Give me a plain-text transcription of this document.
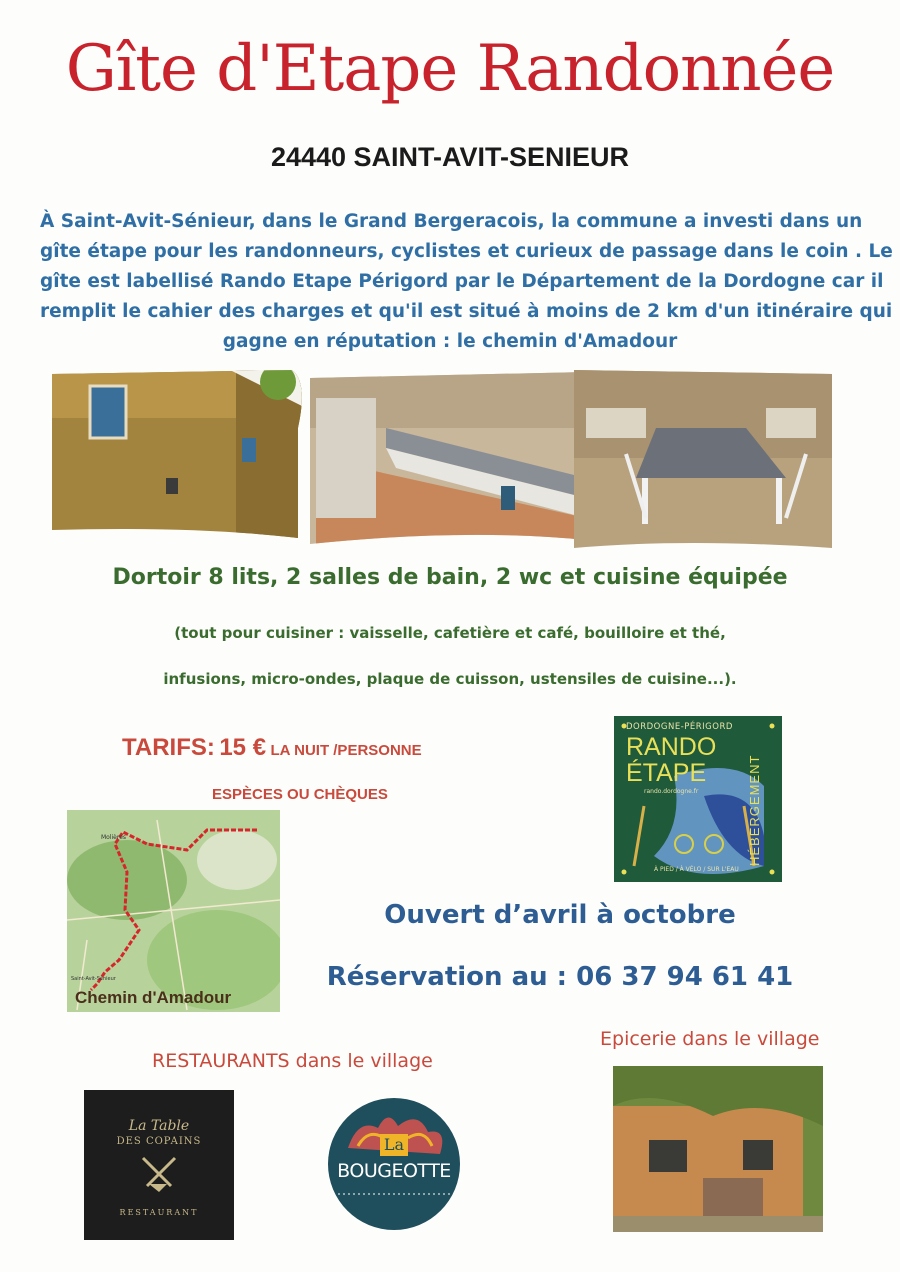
Gîte d'Etape Randonnée
24440 SAINT-AVIT-SENIEUR
À Saint-Avit-Sénieur, dans le Grand Bergeracois, la commune a investi dans un
gîte étape pour les randonneurs, cyclistes et curieux de passage dans le coin . Le
gîte est labellisé Rando Etape Périgord par le Département de la Dordogne car il
remplit le cahier des charges et qu'il est situé à moins de 2 km d'un itinéraire qui
gagne en réputation : le chemin d'Amadour
Dortoir 8 lits, 2 salles de bain, 2 wc et cuisine équipée
(tout pour cuisiner : vaisselle, cafetière et café, bouilloire et thé,
infusions, micro-ondes, plaque de cuisson, ustensiles de cuisine...).
TARIFS: 15 € LA NUIT /PERSONNE
ESPÈCES OU CHÈQUES
DORDOGNE-PÉRIGORD
RANDO
ÉTAPE
rando.dordogne.fr	HÉBERGEMENT
À PIED / À VÉLO / SUR L'EAU
Molières
Saint-Avit-Sénieur
Chemin d'Amadour
Ouvert d’avril à octobre
Réservation au : 06 37 94 61 41
Epicerie dans le village
RESTAURANTS dans le village
La Table
DES COPAINS
RESTAURANT
La
BOUGEOTTE
